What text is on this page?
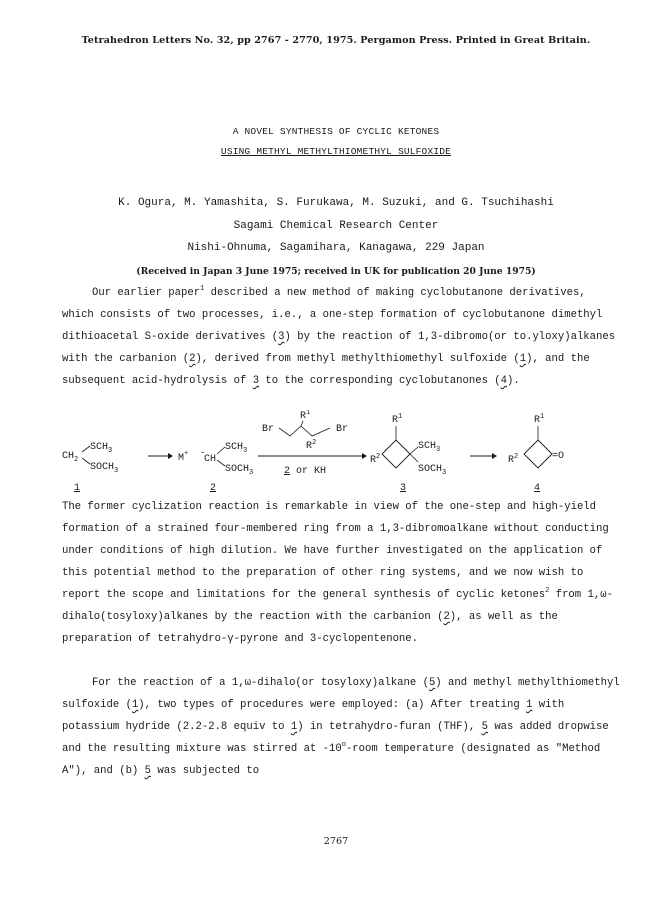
Tetrahedron Letters No. 32, pp 2767 - 2770, 1975. Pergamon Press. Printed in Great Britain.
A NOVEL SYNTHESIS OF CYCLIC KETONES
USING METHYL METHYLTHIOMETHYL SULFOXIDE
K. Ogura, M. Yamashita, S. Furukawa, M. Suzuki, and G. Tsuchihashi
Sagami Chemical Research Center
Nishi-Ohnuma, Sagamihara, Kanagawa, 229 Japan
(Received in Japan 3 June 1975; received in UK for publication 20 June 1975)

Our earlier paper$^1$ described a new method of making cyclobutanone derivatives, which consists of two processes, i.e., a one-step formation of cyclobutanone dimethyl dithioacetal S-oxide derivatives (3) by the reaction of 1,3-dibromo(or to.yloxy)alkanes with the carbanion (2), derived from methyl methylthiomethyl sulfoxide (1), and the subsequent acid-hydrolysis of 3 to the corresponding cyclobutanones (4).

$CH_2$
$SCH_3$
$SOCH_3$
1
M+ -
CH
$SCH_3$
$SOCH_3$
2
$R^1$
Br	Br
$R^2$
2 or KH
$R^1$
$R^2$
$SCH_3$
$SOCH_3$
3
$R^1$
$R^2$	=O
4

The former cyclization reaction is remarkable in view of the one-step and high-yield formation of a strained four-membered ring from a 1,3-dibromoalkane without conducting under conditions of high dilution. We have further investigated on the application of this potential method to the preparation of other ring systems, and we now wish to report the scope and limitations for the general synthesis of cyclic ketones$^2$ from 1,ω-dihalo(tosyloxy)alkanes by the reaction with the carbanion (2), as well as the preparation of tetrahydro-γ-pyrone and 3-cyclopentenone.

For the reaction of a 1,ω-dihalo(or tosyloxy)alkane (5) and methyl methylthiomethyl sulfoxide (1), two types of procedures were employed: (a) After treating 1 with potassium hydride (2.2-2.8 equiv to 1) in tetrahydro-furan (THF), 5 was added dropwise and the resulting mixture was stirred at -10$^o$-room temperature (designated as "Method A"), and (b) 5 was subjected to

2767
